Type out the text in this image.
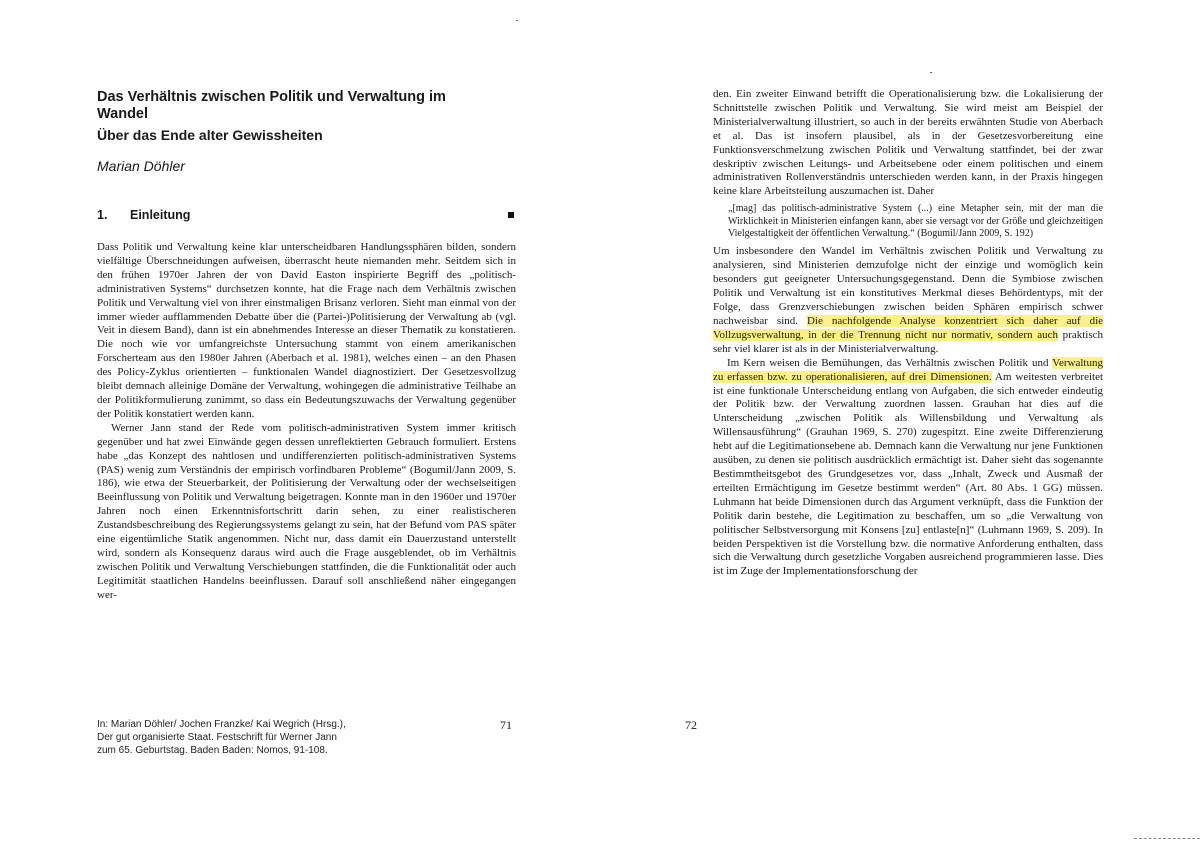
Das Verhältnis zwischen Politik und Verwaltung im Wandel
Über das Ende alter Gewissheiten
Marian Döhler
1. Einleitung

Dass Politik und Verwaltung keine klar unterscheidbaren Handlungssphären bilden, sondern vielfältige Überschneidungen aufweisen, überrascht heute niemanden mehr. Seitdem sich in den frühen 1970er Jahren der von David Easton inspirierte Begriff des „politisch-administrativen Systems“ durchsetzen konnte, hat die Frage nach dem Verhältnis zwischen Politik und Verwaltung viel von ihrer einstmaligen Brisanz verloren. Sieht man einmal von der immer wieder aufflammenden Debatte über die (Partei-)Politisierung der Verwaltung ab (vgl. Veit in diesem Band), dann ist ein abnehmendes Interesse an dieser Thematik zu konstatieren. Die noch wie vor umfangreichste Untersuchung stammt von einem amerikanischen Forscherteam aus den 1980er Jahren (Aberbach et al. 1981), welches einen – an den Phasen des Policy-Zyklus orientierten – funktionalen Wandel diagnostiziert. Der Gesetzesvollzug bleibt demnach alleinige Domäne der Verwaltung, wohingegen die administrative Teilhabe an der Politikformulierung zunimmt, so dass ein Bedeutungszuwachs der Verwaltung gegenüber der Politik konstatiert werden kann.

Werner Jann stand der Rede vom politisch-administrativen System immer kritisch gegenüber und hat zwei Einwände gegen dessen unreflektierten Gebrauch formuliert. Erstens habe „das Konzept des nahtlosen und undifferenzierten politisch-administrativen Systems (PAS) wenig zum Verständnis der empirisch vorfindbaren Probleme“ (Bogumil/Jann 2009, S. 186), wie etwa der Steuerbarkeit, der Politisierung der Verwaltung oder der wechselseitigen Beeinflussung von Politik und Verwaltung beigetragen. Konnte man in den 1960er und 1970er Jahren noch einen Erkenntnisfortschritt darin sehen, zu einer realistischeren Zustandsbeschreibung des Regierungssystems gelangt zu sein, hat der Befund vom PAS später eine eigentümliche Statik angenommen. Nicht nur, dass damit ein Dauerzustand unterstellt wird, sondern als Konsequenz daraus wird auch die Frage ausgeblendet, ob im Verhältnis zwischen Politik und Verwaltung Verschiebungen stattfinden, die die Funktionalität oder auch Legitimität staatlichen Handelns beeinflussen. Darauf soll anschließend näher eingegangen wer-

In: Marian Döhler/ Jochen Franzke/ Kai Wegrich (Hrsg.), Der gut organisierte Staat. Festschrift für Werner Jann zum 65. Geburtstag. Baden Baden: Nomos, 91-108.
71

den. Ein zweiter Einwand betrifft die Operationalisierung bzw. die Lokalisierung der Schnittstelle zwischen Politik und Verwaltung. Sie wird meist am Beispiel der Ministerialverwaltung illustriert, so auch in der bereits erwähnten Studie von Aberbach et al. Das ist insofern plausibel, als in der Gesetzesvorbereitung eine Funktionsverschmelzung zwischen Politik und Verwaltung stattfindet, bei der zwar deskriptiv zwischen Leitungs- und Arbeitsebene oder einem politischen und einem administrativen Rollenverständnis unterschieden werden kann, in der Praxis hingegen keine klare Arbeitsteilung auszumachen ist. Daher

„[mag] das politisch-administrative System (...) eine Metapher sein, mit der man die Wirklichkeit in Ministerien einfangen kann, aber sie versagt vor der Größe und gleichzeitigen Vielgestaltigkeit der öffentlichen Verwaltung.“ (Bogumil/Jann 2009, S. 192)

Um insbesondere den Wandel im Verhältnis zwischen Politik und Verwaltung zu analysieren, sind Ministerien demzufolge nicht der einzige und womöglich kein besonders gut geeigneter Untersuchungsgegenstand. Denn die Symbiose zwischen Politik und Verwaltung ist ein konstitutives Merkmal dieses Behördentyps, mit der Folge, dass Grenzverschiebungen zwischen beiden Sphären empirisch schwer nachweisbar sind. Die nachfolgende Analyse konzentriert sich daher auf die Vollzugsverwaltung, in der die Trennung nicht nur normativ, sondern auch praktisch sehr viel klarer ist als in der Ministerialverwaltung.

Im Kern weisen die Bemühungen, das Verhältnis zwischen Politik und Verwaltung zu erfassen bzw. zu operationalisieren, auf drei Dimensionen. Am weitesten verbreitet ist eine funktionale Unterscheidung entlang von Aufgaben, die sich entweder eindeutig der Politik bzw. der Verwaltung zuordnen lassen. Grauhan hat dies auf die Unterscheidung „zwischen Politik als Willensbildung und Verwaltung als Willensausführung“ (Grauhan 1969, S. 270) zugespitzt. Eine zweite Differenzierung hebt auf die Legitimationsebene ab. Demnach kann die Verwaltung nur jene Funktionen ausüben, zu denen sie politisch ausdrücklich ermächtigt ist. Daher sieht das sogenannte Bestimmtheitsgebot des Grundgesetzes vor, dass „Inhalt, Zweck und Ausmaß der erteilten Ermächtigung im Gesetze bestimmt werden“ (Art. 80 Abs. 1 GG) müssen. Luhmann hat beide Dimensionen durch das Argument verknüpft, dass die Funktion der Politik darin bestehe, die Legitimation zu beschaffen, um so „die Verwaltung von politischer Selbstversorgung mit Konsens [zu] entlaste[n]“ (Luhmann 1969, S. 209). In beiden Perspektiven ist die Vorstellung bzw. die normative Anforderung enthalten, dass sich die Verwaltung durch gesetzliche Vorgaben ausreichend programmieren lasse. Dies ist im Zuge der Implementationsforschung der

72
